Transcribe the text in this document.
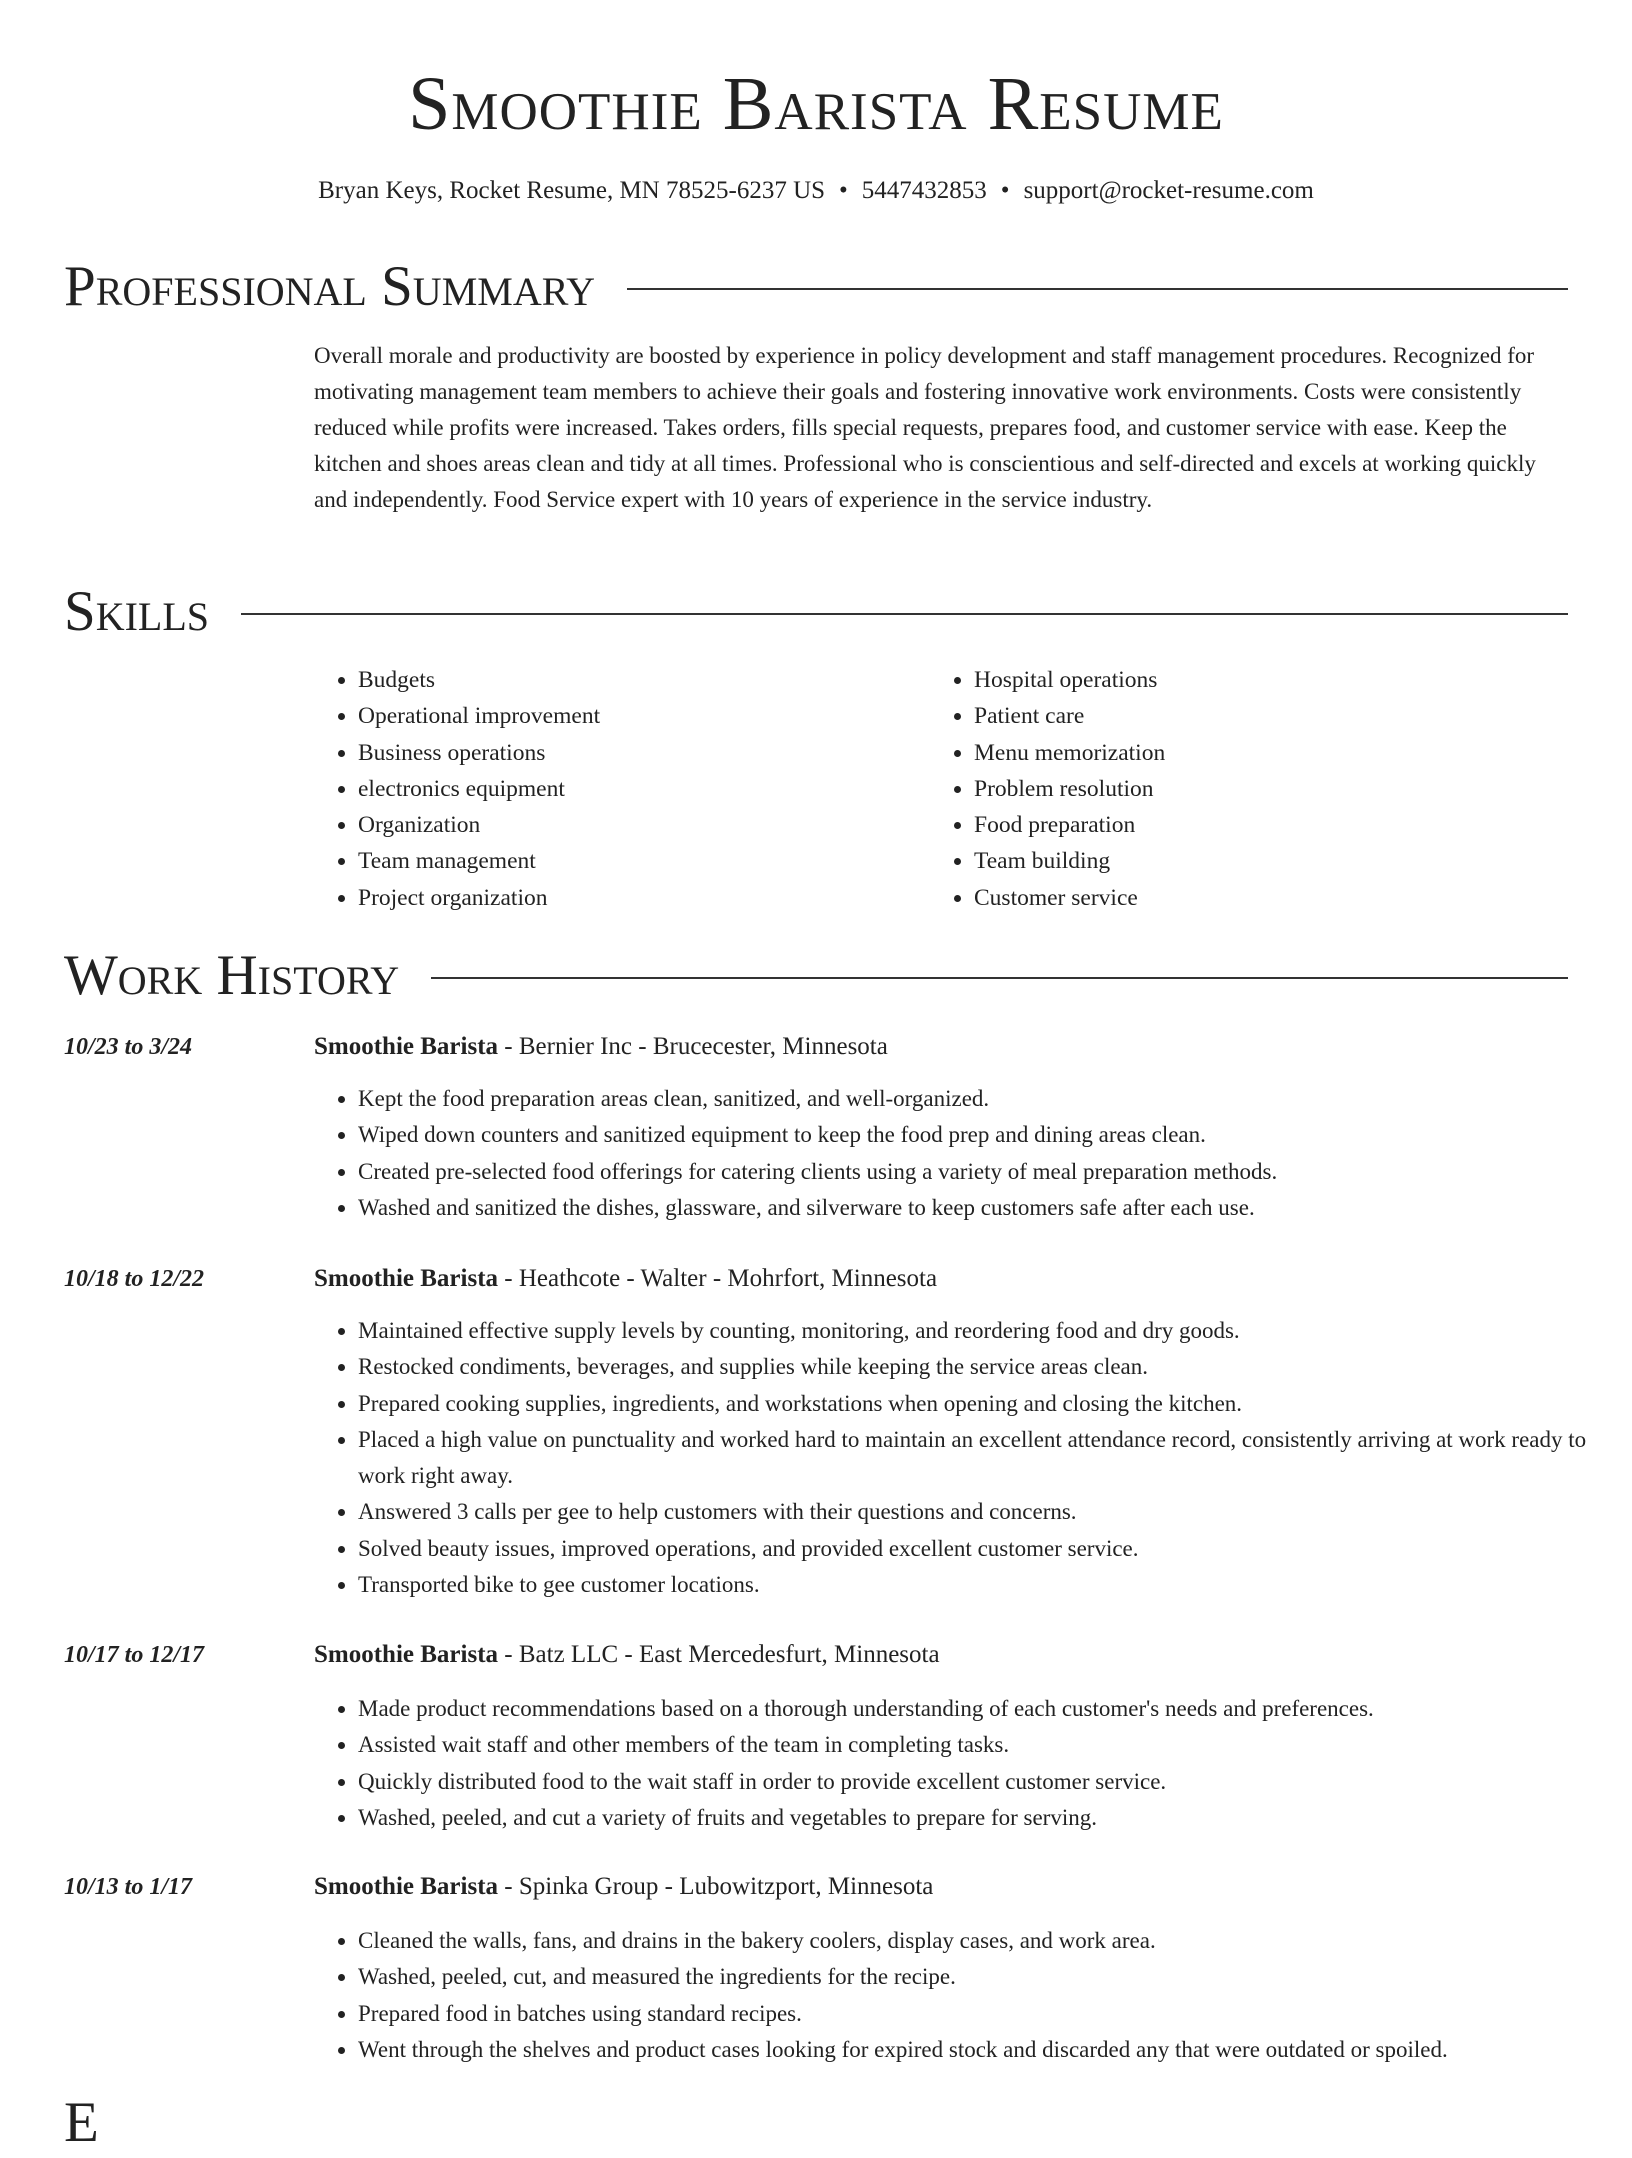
Smoothie Barista Resume
Bryan Keys, Rocket Resume, MN 78525-6237 US • 5447432853 • support@rocket-resume.com
Professional Summary

Overall morale and productivity are boosted by experience in policy development and staff management procedures. Recognized for motivating management team members to achieve their goals and fostering innovative work environments. Costs were consistently reduced while profits were increased. Takes orders, fills special requests, prepares food, and customer service with ease. Keep the kitchen and shoes areas clean and tidy at all times. Professional who is conscientious and self-directed and excels at working quickly and independently. Food Service expert with 10 years of experience in the service industry.

Skills
• Budgets
• Operational improvement
• Business operations
• electronics equipment
• Organization
• Team management
• Project organization
• Hospital operations
• Patient care
• Menu memorization
• Problem resolution
• Food preparation
• Team building
• Customer service
Work History
10/23 to 3/24	Smoothie Barista - Bernier Inc - Brucecester, Minnesota
• Kept the food preparation areas clean, sanitized, and well-organized.
• Wiped down counters and sanitized equipment to keep the food prep and dining areas clean.
• Created pre-selected food offerings for catering clients using a variety of meal preparation methods.
• Washed and sanitized the dishes, glassware, and silverware to keep customers safe after each use.
10/18 to 12/22	Smoothie Barista - Heathcote - Walter - Mohrfort, Minnesota
• Maintained effective supply levels by counting, monitoring, and reordering food and dry goods.
• Restocked condiments, beverages, and supplies while keeping the service areas clean.
• Prepared cooking supplies, ingredients, and workstations when opening and closing the kitchen.
• Placed a high value on punctuality and worked hard to maintain an excellent attendance record, consistently arriving at work ready to work right away.
• Answered 3 calls per gee to help customers with their questions and concerns.
• Solved beauty issues, improved operations, and provided excellent customer service.
• Transported bike to gee customer locations.
10/17 to 12/17	Smoothie Barista - Batz LLC - East Mercedesfurt, Minnesota
• Made product recommendations based on a thorough understanding of each customer's needs and preferences.
• Assisted wait staff and other members of the team in completing tasks.
• Quickly distributed food to the wait staff in order to provide excellent customer service.
• Washed, peeled, and cut a variety of fruits and vegetables to prepare for serving.
10/13 to 1/17	Smoothie Barista - Spinka Group - Lubowitzport, Minnesota
• Cleaned the walls, fans, and drains in the bakery coolers, display cases, and work area.
• Washed, peeled, cut, and measured the ingredients for the recipe.
• Prepared food in batches using standard recipes.
• Went through the shelves and product cases looking for expired stock and discarded any that were outdated or spoiled.
E
